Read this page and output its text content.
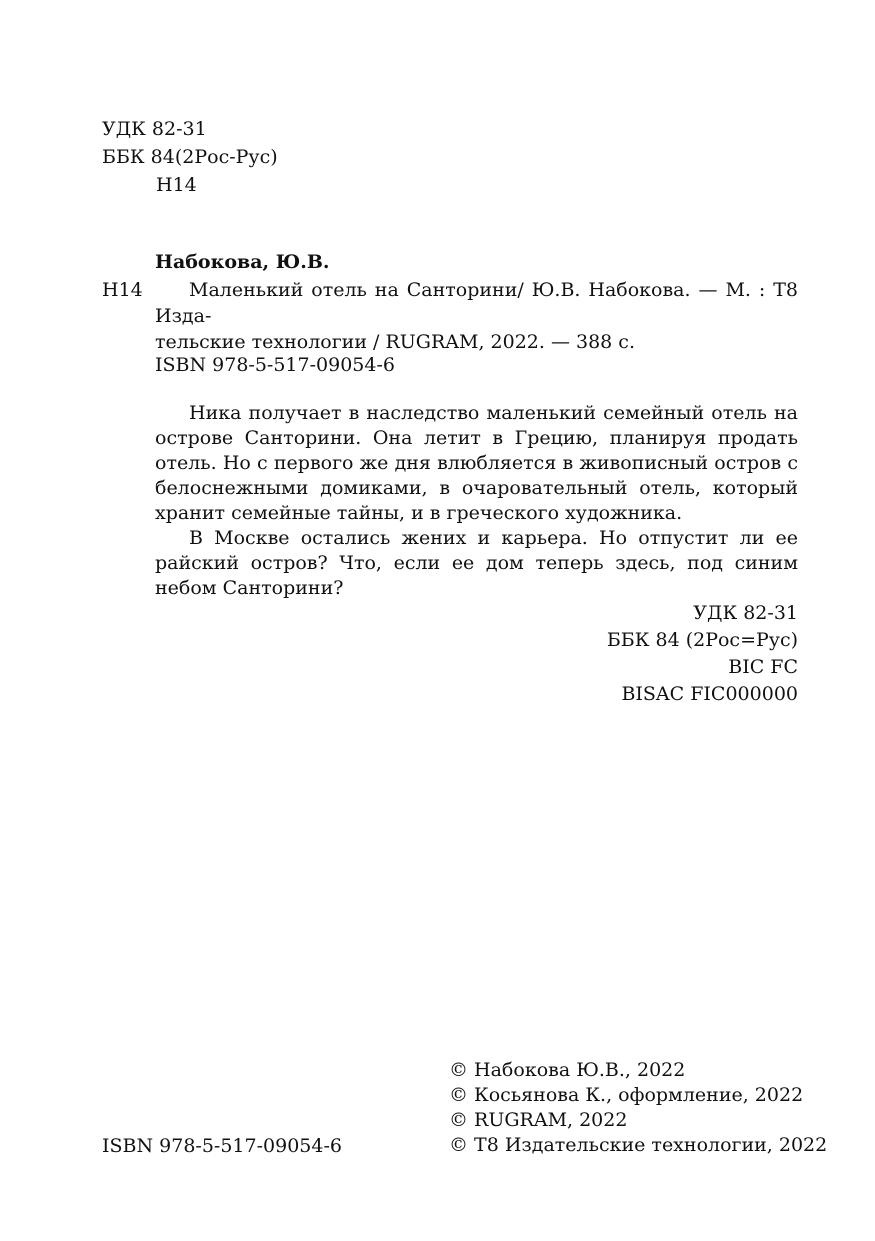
УДК 82-31
ББК 84(2Рос-Рус)
Н14
Набокова, Ю.В.
Н14	Маленький отель на Санторини/ Ю.В. Набокова. — М. : Т8 Изда-
тельские технологии / RUGRAM, 2022. — 388 с.
ISBN 978-5-517-09054-6

Ника получает в наследство маленький семейный отель на острове Санторини. Она летит в Грецию, планируя продать отель. Но с первого же дня влюбляется в живописный остров с белоснежными домиками, в очаровательный отель, который хранит семейные тайны, и в греческого художника.

В Москве остались жених и карьера. Но отпустит ли ее райский остров? Что, если ее дом теперь здесь, под синим небом Санторини?

УДК 82-31
ББК 84 (2Рос=Рус)
BIC FC
BISAC FIC000000
ISBN 978-5-517-09054-6
© Набокова Ю.В., 2022
© Косьянова К., оформление, 2022
© RUGRAM, 2022
© Т8 Издательские технологии, 2022
